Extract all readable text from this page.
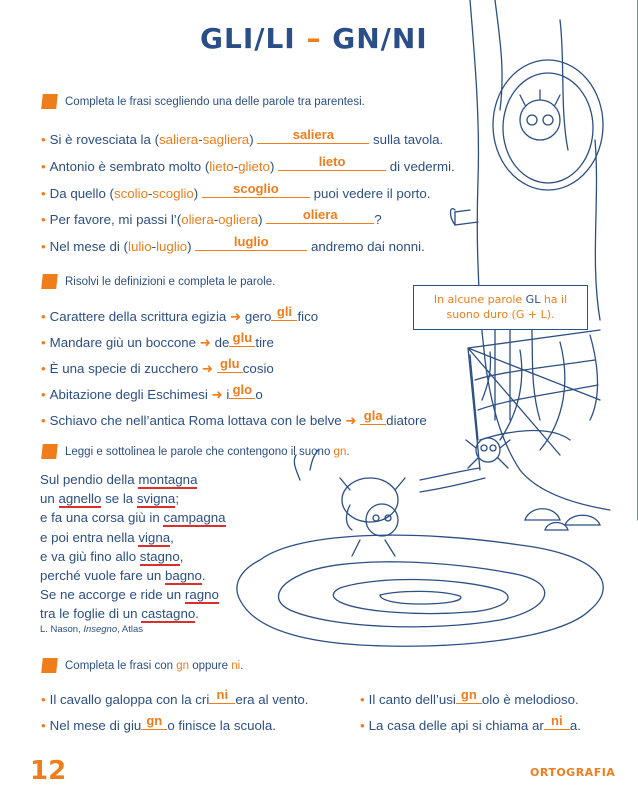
GLI/LI – GN/NI
Completa le frasi scegliendo una delle parole tra parentesi.
• Si è rovesciata la (saliera-sagliera)	saliera	sulla tavola.
• Antonio è sembrato molto (lieto-glieto)	lieto	di vedermi.
• Da quello (scolio-scoglio)	scoglio	puoi vedere il porto.
• Per favore, mi passi l’(oliera-ogliera)	oliera	?
• Nel mese di (lulio-luglio)	luglio	andremo dai nonni.
Risolvi le definizioni e completa le parole.
In alcune parole GL ha il
suono duro (G + L).
• Carattere della scrittura egizia ➜ gero gli fico
• Mandare giù un boccone ➜ de glu tire
• È una specie di zucchero ➜ glu cosio
• Abitazione degli Eschimesi ➜ i glo o
• Schiavo che nell’antica Roma lottava con le belve ➜ gla diatore
Leggi e sottolinea le parole che contengono il suono gn.
Sul pendio della montagna
un agnello se la svigna;
e fa una corsa giù in campagna
e poi entra nella vigna,
e va giù fino allo stagno,
perché vuole fare un bagno.
Se ne accorge e ride un ragno
tra le foglie di un castagno.
L. Nason, Insegno, Atlas
Completa le frasi con gn oppure ni.
• Il cavallo galoppa con la cri ni era al vento.
• Nel mese di giu gn o finisce la scuola.
• Il canto dell’usi gn olo è melodioso.
• La casa delle api si chiama ar ni a.
12	ORTOGRAFIA
